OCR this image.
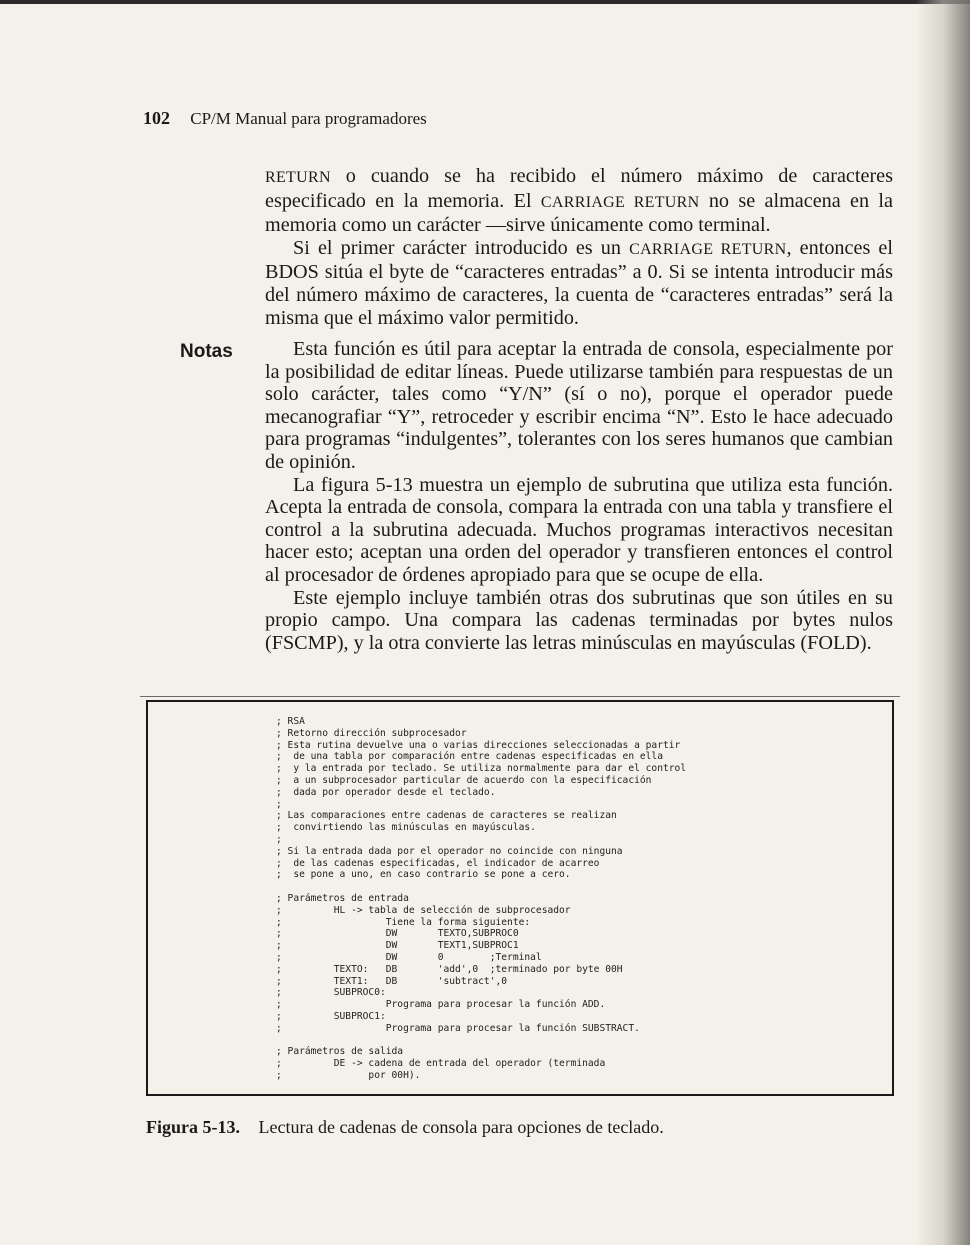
102 CP/M Manual para programadores

RETURN o cuando se ha recibido el número máximo de caracteres especificado en la memoria. El CARRIAGE RETURN no se almacena en la memoria como un carácter —sirve únicamente como terminal.

Si el primer carácter introducido es un CARRIAGE RETURN, entonces el BDOS sitúa el byte de “caracteres entradas” a 0. Si se intenta introducir más del número máximo de caracteres, la cuenta de “caracteres entradas” será la misma que el máximo valor permitido.

Notas	Esta función es útil para aceptar la entrada de consola, especialmente por la posibilidad de editar líneas. Puede utilizarse también para respuestas de un solo carácter, tales como “Y/N” (sí o no), porque el operador puede mecanografiar “Y”, retroceder y escribir encima “N”. Esto le hace adecuado para programas “indulgentes”, tolerantes con los seres humanos que cambian de opinión.

La figura 5-13 muestra un ejemplo de subrutina que utiliza esta función. Acepta la entrada de consola, compara la entrada con una tabla y transfiere el control a la subrutina adecuada. Muchos programas interactivos necesitan hacer esto; aceptan una orden del operador y transfieren entonces el control al procesador de órdenes apropiado para que se ocupe de ella.

Este ejemplo incluye también otras dos subrutinas que son útiles en su propio campo. Una compara las cadenas terminadas por bytes nulos (FSCMP), y la otra convierte las letras minúsculas en mayúsculas (FOLD).

; RSA
; Retorno dirección subprocesador
; Esta rutina devuelve una o varias direcciones seleccionadas a partir
;  de una tabla por comparación entre cadenas especificadas en ella
;  y la entrada por teclado. Se utiliza normalmente para dar el control
;  a un subprocesador particular de acuerdo con la especificación
;  dada por operador desde el teclado.
;
; Las comparaciones entre cadenas de caracteres se realizan
;  convirtiendo las minúsculas en mayúsculas.
;
; Si la entrada dada por el operador no coincide con ninguna
;  de las cadenas especificadas, el indicador de acarreo
;  se pone a uno, en caso contrario se pone a cero.

; Parámetros de entrada
;         HL -> tabla de selección de subprocesador
;                  Tiene la forma siguiente:
;                  DW       TEXTO,SUBPROC0
;                  DW       TEXT1,SUBPROC1
;                  DW       0        ;Terminal
;         TEXTO:   DB       'add',0  ;terminado por byte 00H
;         TEXT1:   DB       'subtract',0
;         SUBPROC0:
;                  Programa para procesar la función ADD.
;         SUBPROC1:
;                  Programa para procesar la función SUBSTRACT.

; Parámetros de salida
;         DE -> cadena de entrada del operador (terminada
;               por 00H).
Figura 5-13. Lectura de cadenas de consola para opciones de teclado.
